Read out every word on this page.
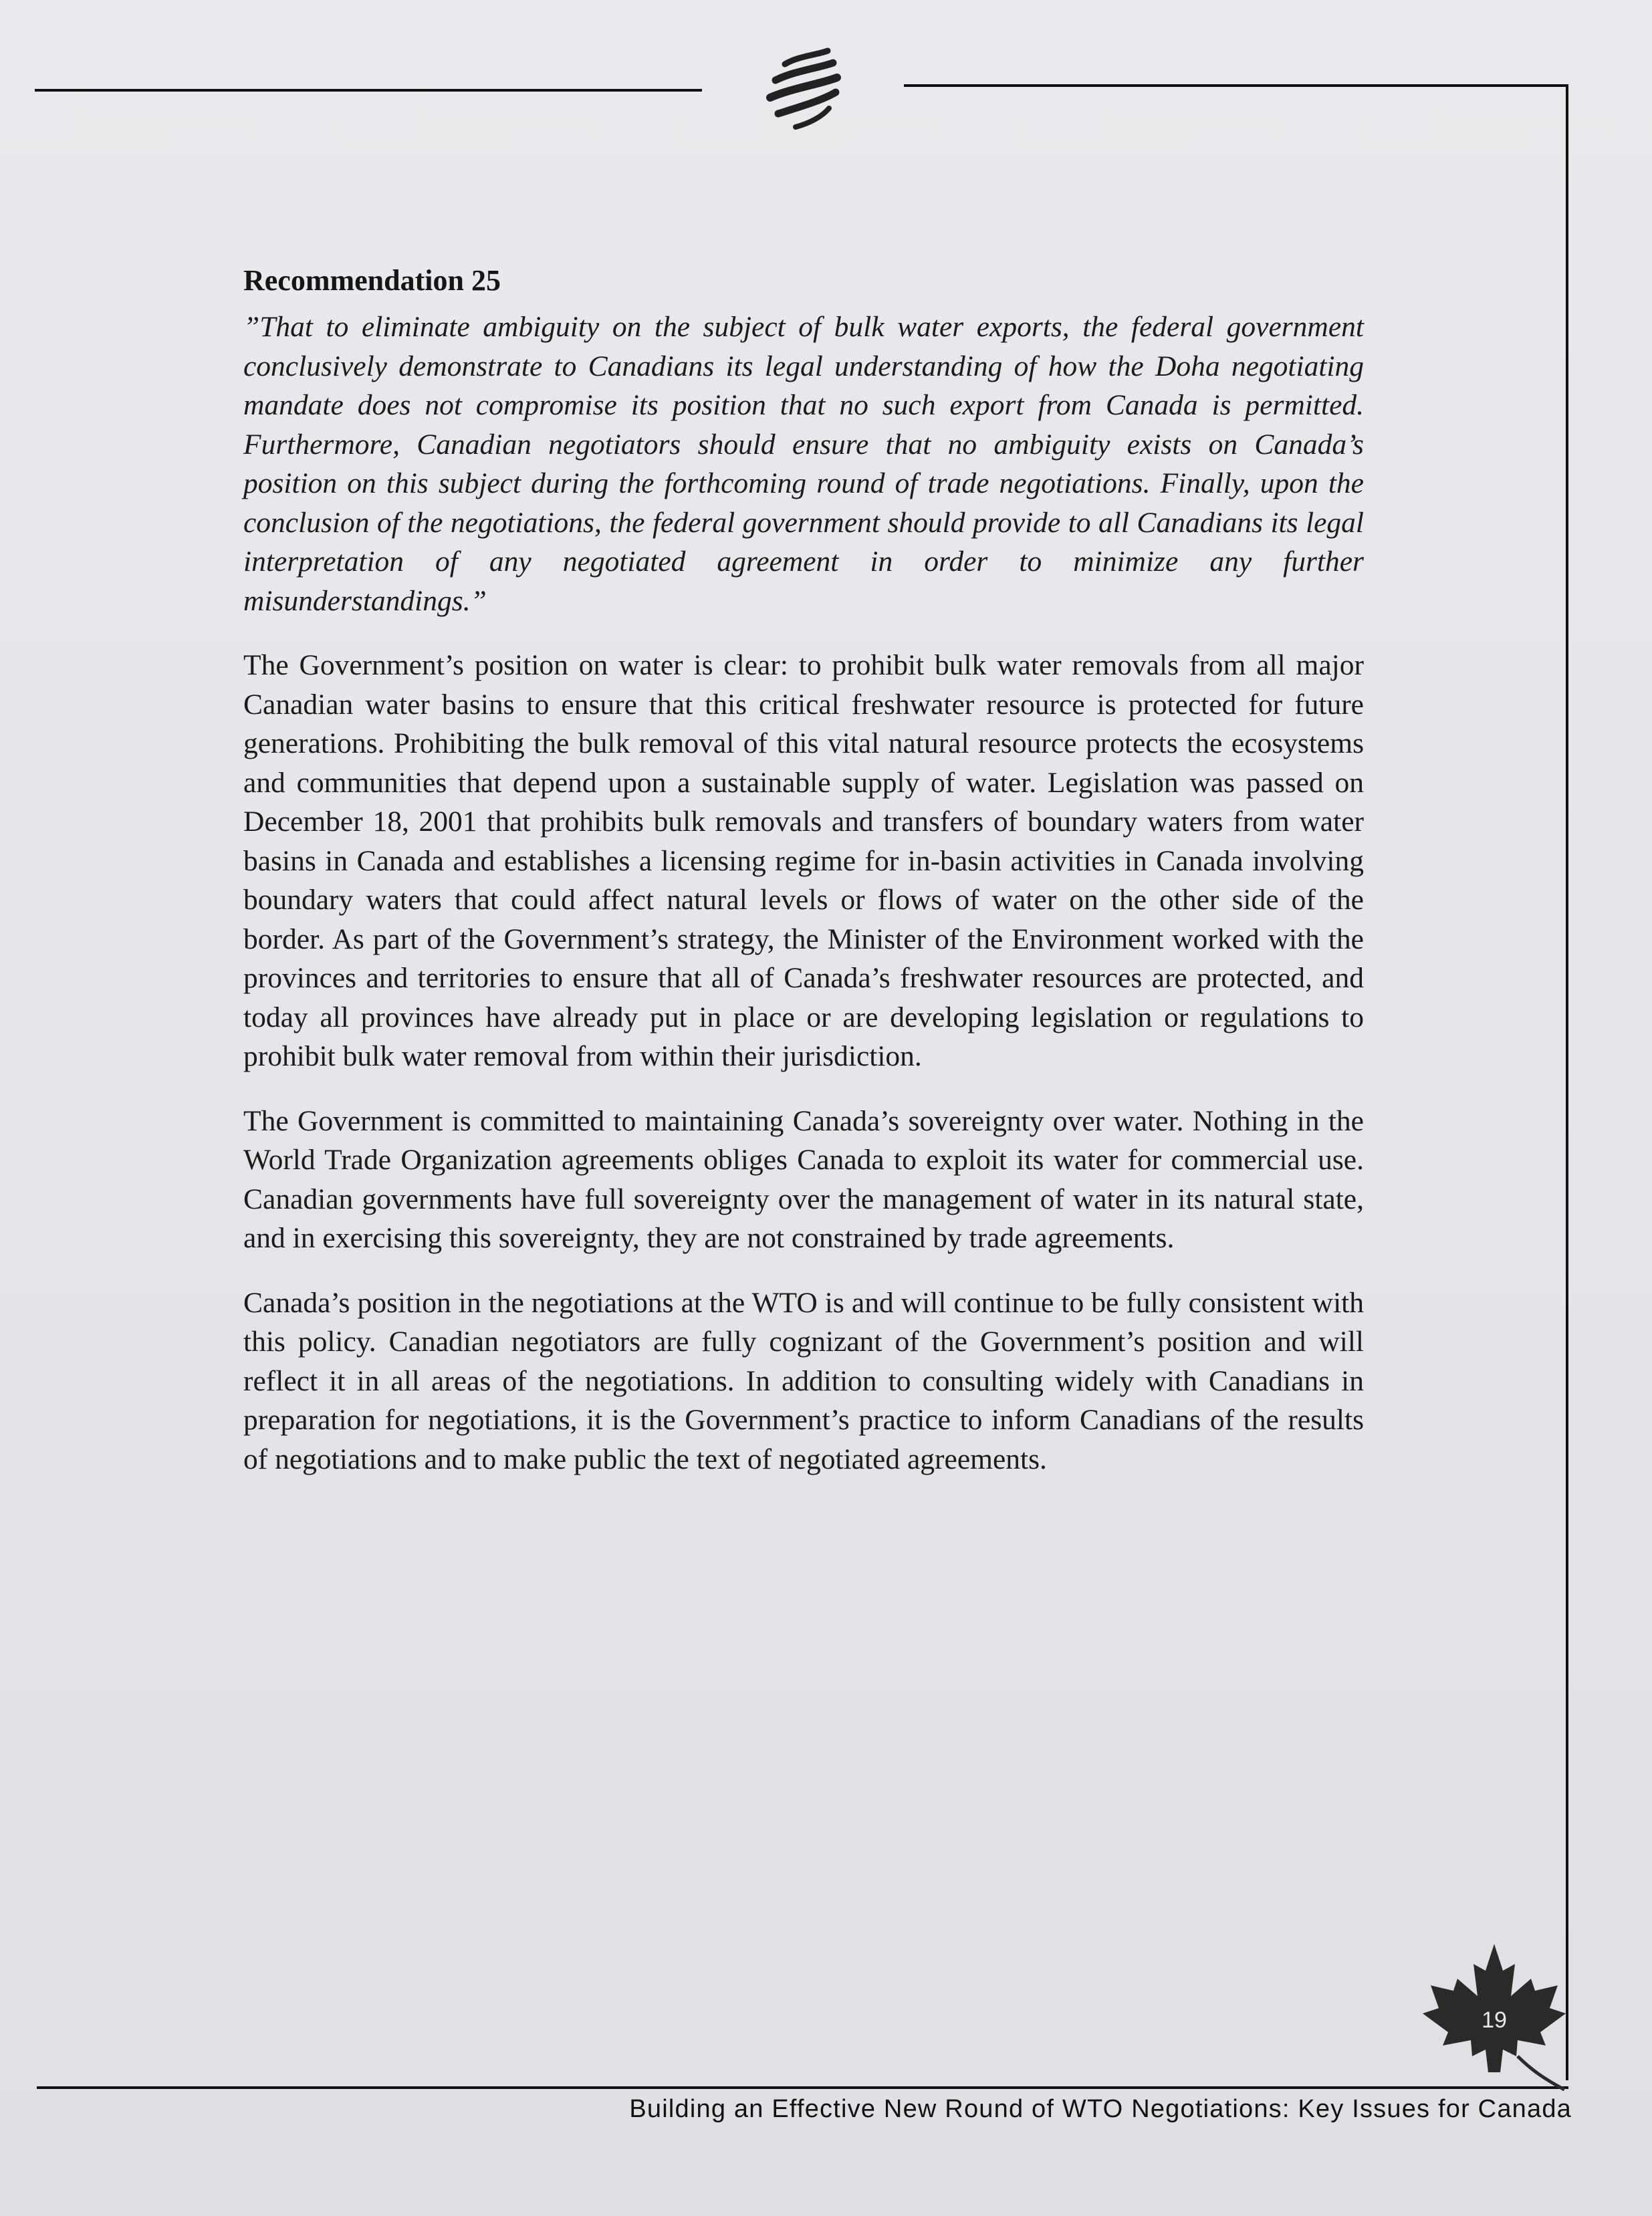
Recommendation 25

”That to eliminate ambiguity on the subject of bulk water exports, the federal government conclusively demonstrate to Canadians its legal understanding of how the Doha negotiating mandate does not compromise its position that no such export from Canada is permitted. Furthermore, Canadian negotiators should ensure that no ambiguity exists on Canada’s position on this subject during the forthcoming round of trade negotiations. Finally, upon the conclusion of the negotiations, the federal government should provide to all Canadians its legal interpretation of any negotiated agreement in order to minimize any further misunderstandings.”

The Government’s position on water is clear: to prohibit bulk water removals from all major Canadian water basins to ensure that this critical freshwater resource is protected for future generations. Prohibiting the bulk removal of this vital natural resource protects the ecosystems and communities that depend upon a sustainable supply of water. Legislation was passed on December 18, 2001 that prohibits bulk removals and transfers of boundary waters from water basins in Canada and establishes a licensing regime for in-basin activities in Canada involving boundary waters that could affect natural levels or flows of water on the other side of the border. As part of the Government’s strategy, the Minister of the Environment worked with the provinces and territories to ensure that all of Canada’s freshwater resources are protected, and today all provinces have already put in place or are developing legislation or regulations to prohibit bulk water removal from within their jurisdiction.

The Government is committed to maintaining Canada’s sovereignty over water. Nothing in the World Trade Organization agreements obliges Canada to exploit its water for commercial use. Canadian governments have full sovereignty over the management of water in its natural state, and in exercising this sovereignty, they are not constrained by trade agreements.

Canada’s position in the negotiations at the WTO is and will continue to be fully consistent with this policy. Canadian negotiators are fully cognizant of the Government’s position and will reflect it in all areas of the negotiations. In addition to consulting widely with Canadians in preparation for negotiations, it is the Government’s practice to inform Canadians of the results of negotiations and to make public the text of negotiated agreements.

19
Building an Effective New Round of WTO Negotiations: Key Issues for Canada
